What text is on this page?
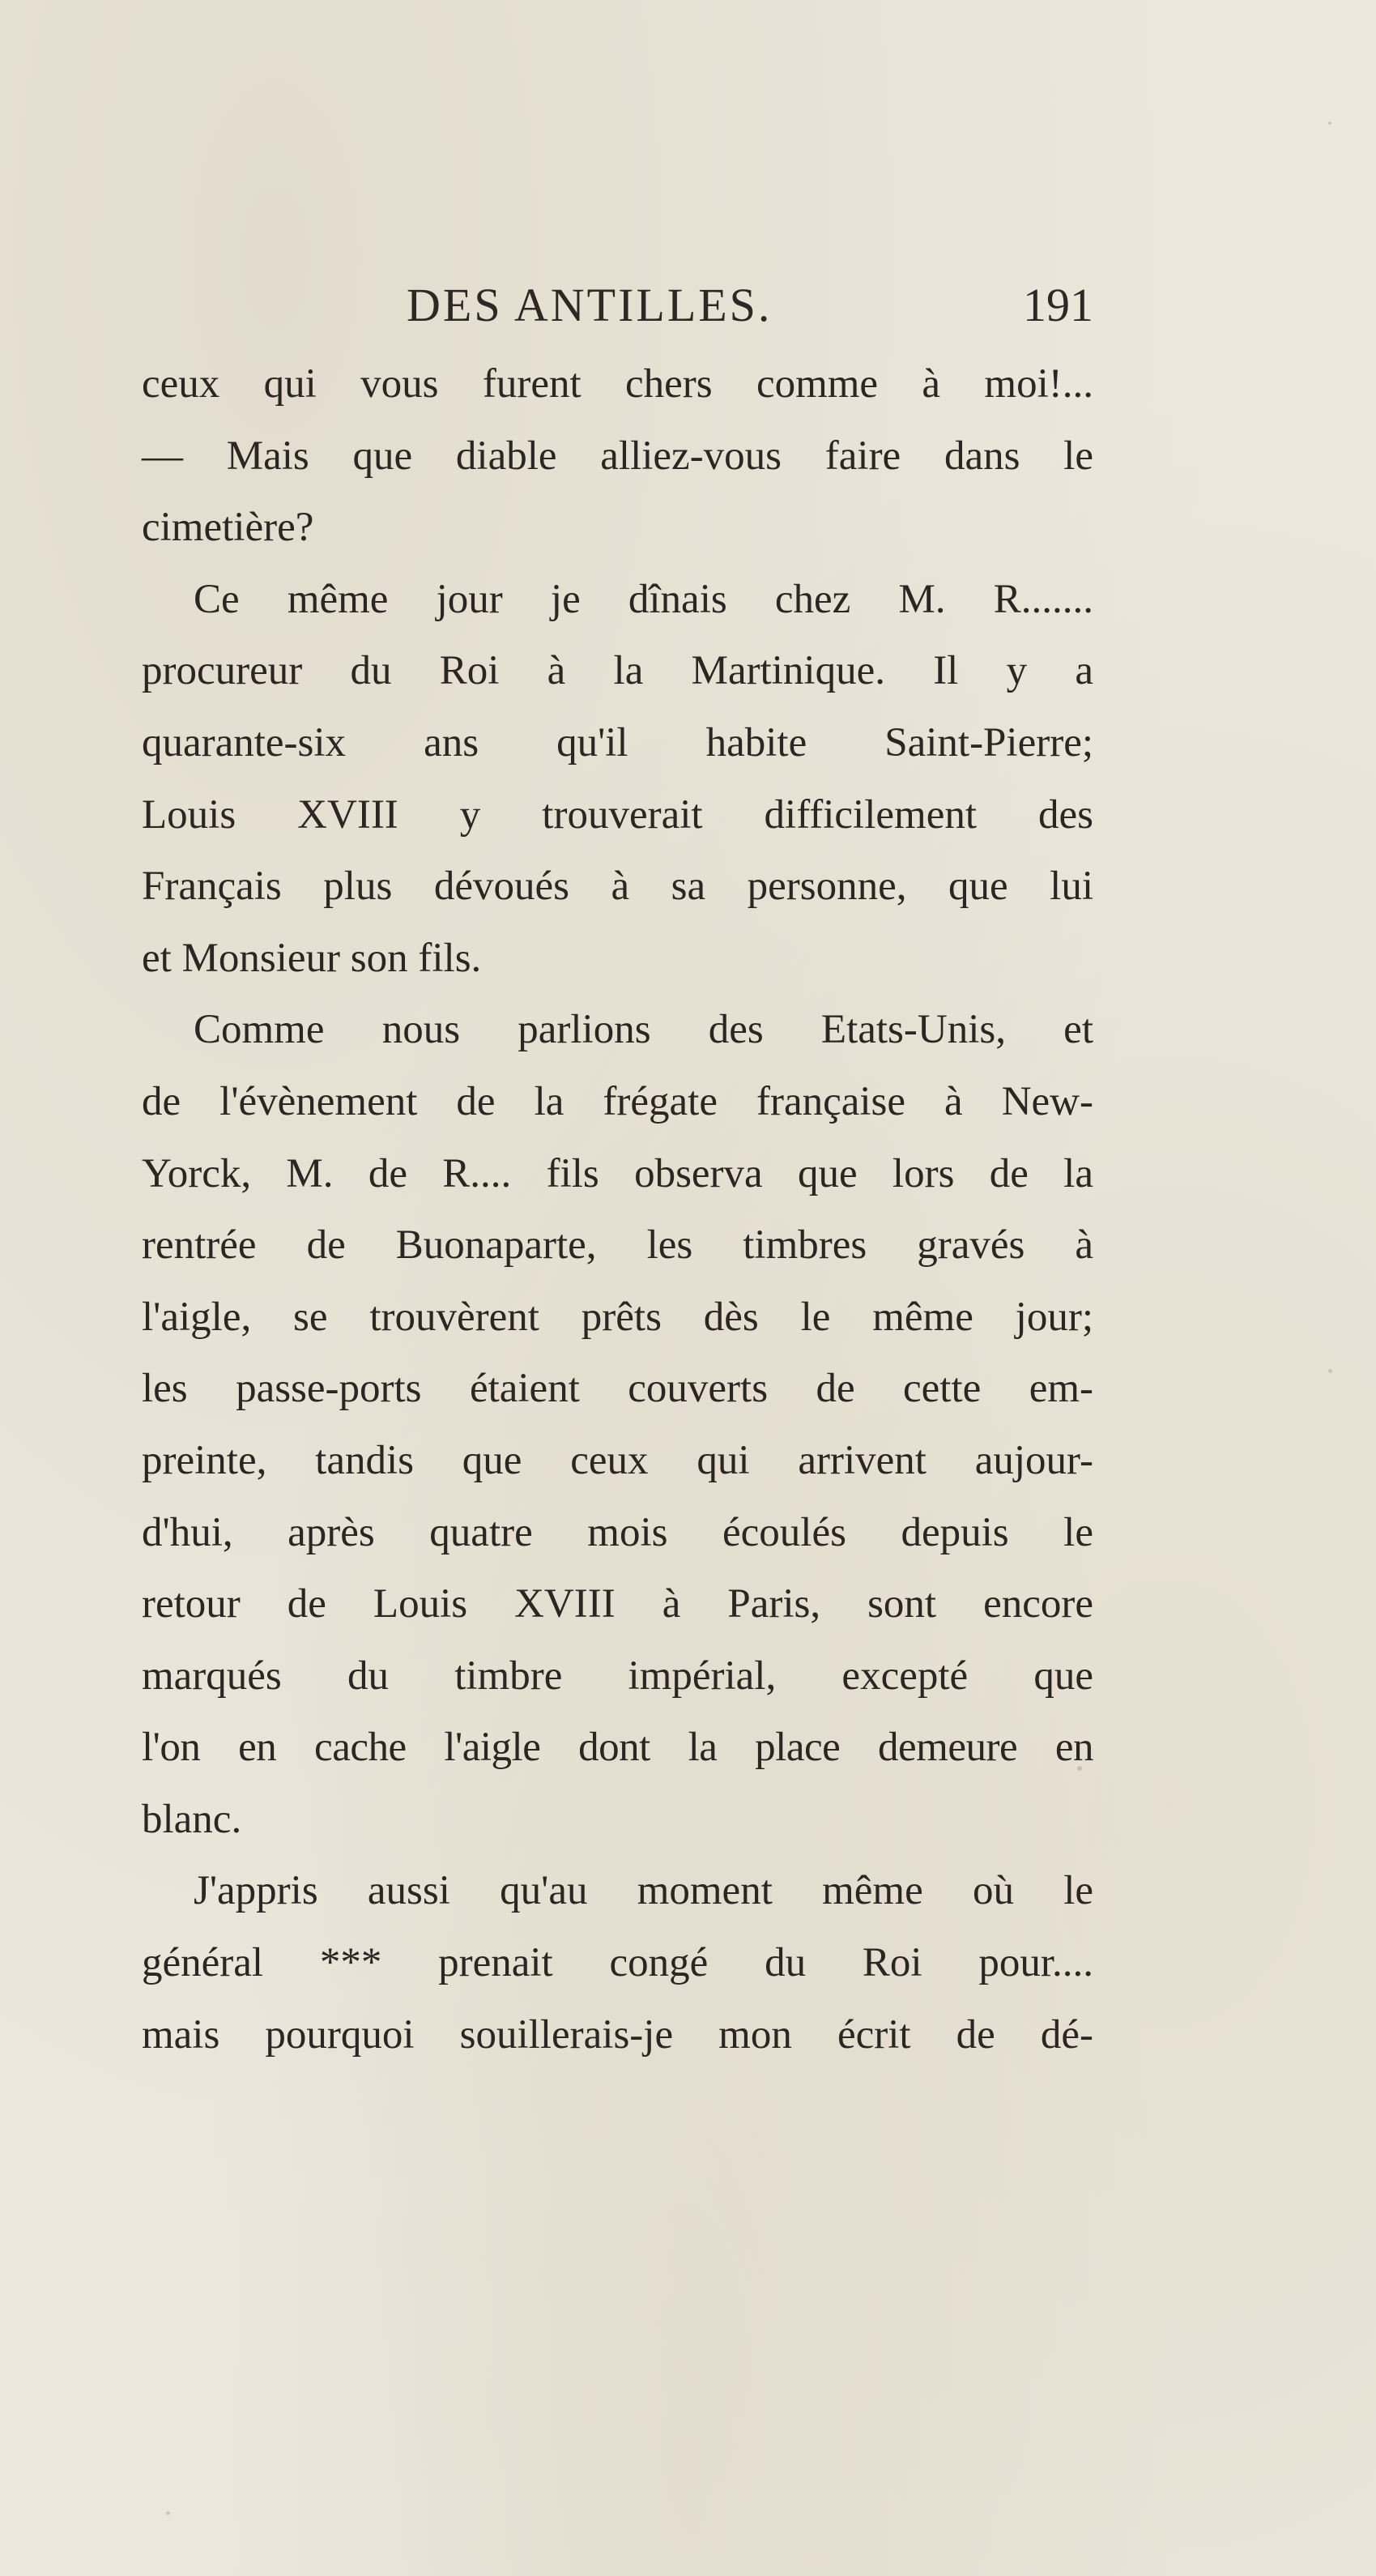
DES ANTILLES.	191
ceux qui vous furent chers comme à moi!...
— Mais que diable alliez-vous faire dans le
cimetière?
Ce même jour je dînais chez M. R.......
procureur du Roi à la Martinique. Il y a
quarante-six ans qu'il habite Saint-Pierre;
Louis XVIII y trouverait difficilement des
Français plus dévoués à sa personne, que lui
et Monsieur son fils.
Comme nous parlions des Etats-Unis, et
de l'évènement de la frégate française à New-
Yorck, M. de R.... fils observa que lors de la
rentrée de Buonaparte, les timbres gravés à
l'aigle, se trouvèrent prêts dès le même jour;
les passe-ports étaient couverts de cette em-
preinte, tandis que ceux qui arrivent aujour-
d'hui, après quatre mois écoulés depuis le
retour de Louis XVIII à Paris, sont encore
marqués du timbre impérial, excepté que
l'on en cache l'aigle dont la place demeure en
blanc.
J'appris aussi qu'au moment même où le
général *** prenait congé du Roi pour....
mais pourquoi souillerais-je mon écrit de dé-
